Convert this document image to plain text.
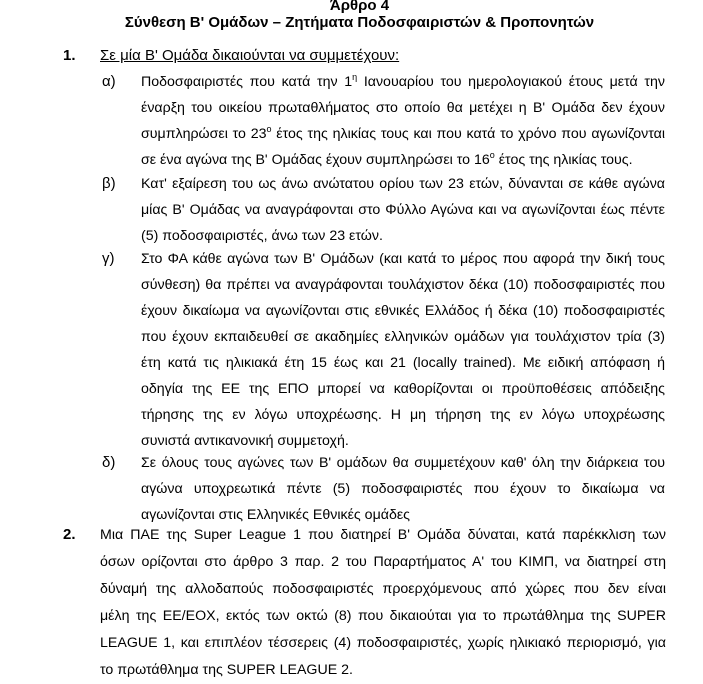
Άρθρο 4
Σύνθεση Β' Ομάδων – Ζητήματα Ποδοσφαιριστών & Προπονητών
1. Σε μία Β' Ομάδα δικαιούνται να συμμετέχουν:
α) Ποδοσφαιριστές που κατά την $1^\eta$ Ιανουαρίου του ημερολογιακού έτους μετά την
έναρξη του οικείου πρωταθλήματος στο οποίο θα μετέχει η Β' Ομάδα δεν έχουν
συμπληρώσει το $23^o$ έτος της ηλικίας τους και που κατά το χρόνο που αγωνίζονται
σε ένα αγώνα της Β' Ομάδας έχουν συμπληρώσει το $16^o$ έτος της ηλικίας τους.
β) Κατ' εξαίρεση του ως άνω ανώτατου ορίου των 23 ετών, δύνανται σε κάθε αγώνα
μίας Β' Ομάδας να αναγράφονται στο Φύλλο Αγώνα και να αγωνίζονται έως πέντε
(5) ποδοσφαιριστές, άνω των 23 ετών.
γ) Στο ΦΑ κάθε αγώνα των Β' Ομάδων (και κατά το μέρος που αφορά την δική τους
σύνθεση) θα πρέπει να αναγράφονται τουλάχιστον δέκα (10) ποδοσφαιριστές που
έχουν δικαίωμα να αγωνίζονται στις εθνικές Ελλάδος ή δέκα (10) ποδοσφαιριστές
που έχουν εκπαιδευθεί σε ακαδημίες ελληνικών ομάδων για τουλάχιστον τρία (3)
έτη κατά τις ηλικιακά έτη 15 έως και 21 (locally trained). Με ειδική απόφαση ή
οδηγία της ΕΕ της ΕΠΟ μπορεί να καθορίζονται οι προϋποθέσεις απόδειξης
τήρησης της εν λόγω υποχρέωσης. Η μη τήρηση της εν λόγω υποχρέωσης
συνιστά αντικανονική συμμετοχή.
δ) Σε όλους τους αγώνες των Β' ομάδων θα συμμετέχουν καθ' όλη την διάρκεια του
αγώνα υποχρεωτικά πέντε (5) ποδοσφαιριστές που έχουν το δικαίωμα να
αγωνίζονται στις Ελληνικές Εθνικές ομάδες
2. Μια ΠΑΕ της Super League 1 που διατηρεί Β' Ομάδα δύναται, κατά παρέκκλιση των
όσων ορίζονται στο άρθρο 3 παρ. 2 του Παραρτήματος Α' του ΚΙΜΠ, να διατηρεί στη
δύναμή της αλλοδαπούς ποδοσφαιριστές προερχόμενους από χώρες που δεν είναι
μέλη της ΕΕ/ΕΟΧ, εκτός των οκτώ (8) που δικαιούται για το πρωτάθλημα της SUPER
LEAGUE 1, και επιπλέον τέσσερεις (4) ποδοσφαιριστές, χωρίς ηλικιακό περιορισμό, για
το πρωτάθλημα της SUPER LEAGUE 2.
